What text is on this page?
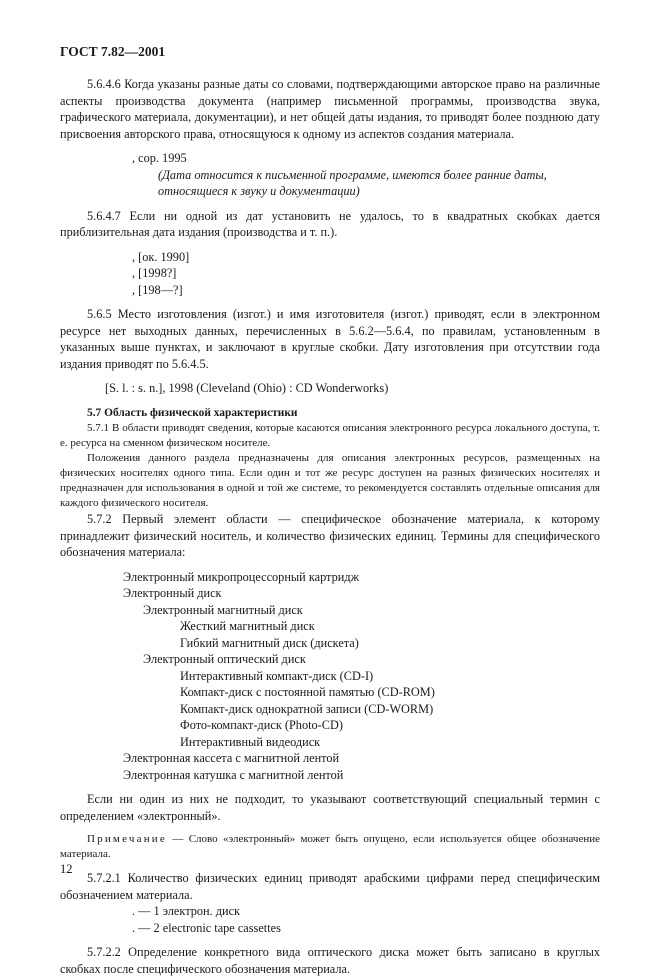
ГОСТ 7.82—2001

5.6.4.6 Когда указаны разные даты со словами, подтверждающими авторское право на различные аспекты производства документа (например письменной программы, производства звука, графического материала, документации), и нет общей даты издания, то приводят более позднюю дату присвоения авторского права, относящуюся к одному из аспектов создания материала.

, cop. 1995

(Дата относится к письменной программе, имеются более ранние даты,

относящиеся к звуку и документации)

5.6.4.7 Если ни одной из дат установить не удалось, то в квадратных скобках дается приблизительная дата издания (производства и т. п.).

, [ок. 1990]

, [1998?]

, [198—?]

5.6.5 Место изготовления (изгот.) и имя изготовителя (изгот.) приводят, если в электронном ресурсе нет выходных данных, перечисленных в 5.6.2—5.6.4, по правилам, установленным в указанных выше пунктах, и заключают в круглые скобки. Дату изготовления при отсутствии года издания приводят по 5.6.4.5.

[S. l. : s. n.], 1998 (Cleveland (Ohio) : CD Wonderworks)

5.7 Область физической характеристики

5.7.1 В области приводят сведения, которые касаются описания электронного ресурса локального доступа, т. е. ресурса на сменном физическом носителе.

Положения данного раздела предназначены для описания электронных ресурсов, размещенных на физических носителях одного типа. Если один и тот же ресурс доступен на разных физических носителях и предназначен для использования в одной и той же системе, то рекомендуется составлять отдельные описания для каждого физического носителя.

5.7.2 Первый элемент области — специфическое обозначение материала, к которому принадлежит физический носитель, и количество физических единиц. Термины для специфического обозначения материала:

Электронный микропроцессорный картридж

Электронный диск

Электронный магнитный диск

Жесткий магнитный диск

Гибкий магнитный диск (дискета)

Электронный оптический диск

Интерактивный компакт-диск (CD-I)

Компакт-диск с постоянной памятью (CD-ROM)

Компакт-диск однократной записи (CD-WORM)

Фото-компакт-диск (Photo-CD)

Интерактивный видеодиск

Электронная кассета с магнитной лентой

Электронная катушка с магнитной лентой

Если ни один из них не подходит, то указывают соответствующий специальный термин с определением «электронный».

Примечание — Слово «электронный» может быть опущено, если используется общее обозначение материала.

5.7.2.1 Количество физических единиц приводят арабскими цифрами перед специфическим обозначением материала.

. — 1 электрон. диск

. — 2 electronic tape cassettes

5.7.2.2 Определение конкретного вида оптического диска может быть записано в круглых скобках после специфического обозначения материала.

12
